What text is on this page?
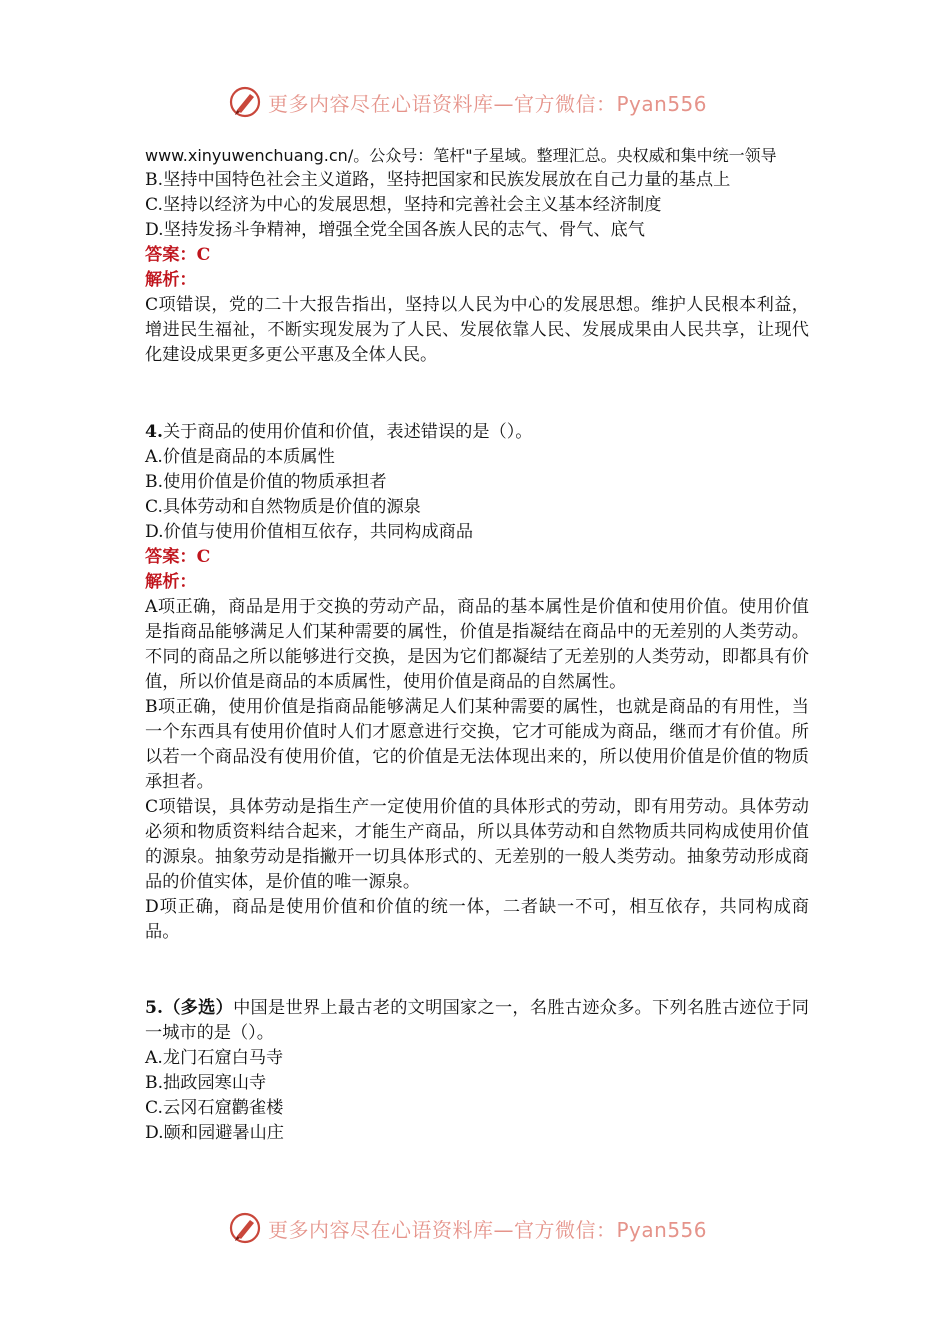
更多内容尽在心语资料库—官方微信：Pyan556

www.xinyuwenchuang.cn/。公众号：笔杆"子星域。整理汇总。央权威和集中统一领导

B.坚持中国特色社会主义道路，坚持把国家和民族发展放在自己力量的基点上

C.坚持以经济为中心的发展思想，坚持和完善社会主义基本经济制度

D.坚持发扬斗争精神，增强全党全国各族人民的志气、骨气、底气

答案：C

解析：

C项错误，党的二十大报告指出，坚持以人民为中心的发展思想。维护人民根本利益，增进民生福祉，不断实现发展为了人民、发展依靠人民、发展成果由人民共享，让现代化建设成果更多更公平惠及全体人民。

4.关于商品的使用价值和价值，表述错误的是（）。

A.价值是商品的本质属性

B.使用价值是价值的物质承担者

C.具体劳动和自然物质是价值的源泉

D.价值与使用价值相互依存，共同构成商品

答案：C

解析：

A项正确，商品是用于交换的劳动产品，商品的基本属性是价值和使用价值。使用价值是指商品能够满足人们某种需要的属性，价值是指凝结在商品中的无差别的人类劳动。不同的商品之所以能够进行交换，是因为它们都凝结了无差别的人类劳动，即都具有价值，所以价值是商品的本质属性，使用价值是商品的自然属性。

B项正确，使用价值是指商品能够满足人们某种需要的属性，也就是商品的有用性，当一个东西具有使用价值时人们才愿意进行交换，它才可能成为商品，继而才有价值。所以若一个商品没有使用价值，它的价值是无法体现出来的，所以使用价值是价值的物质承担者。

C项错误，具体劳动是指生产一定使用价值的具体形式的劳动，即有用劳动。具体劳动必须和物质资料结合起来，才能生产商品，所以具体劳动和自然物质共同构成使用价值的源泉。抽象劳动是指撇开一切具体形式的、无差别的一般人类劳动。抽象劳动形成商品的价值实体，是价值的唯一源泉。

D项正确，商品是使用价值和价值的统一体，二者缺一不可，相互依存，共同构成商品。

5.（多选）中国是世界上最古老的文明国家之一，名胜古迹众多。下列名胜古迹位于同一城市的是（）。

A.龙门石窟白马寺

B.拙政园寒山寺

C.云冈石窟鹳雀楼

D.颐和园避暑山庄

更多内容尽在心语资料库—官方微信：Pyan556
